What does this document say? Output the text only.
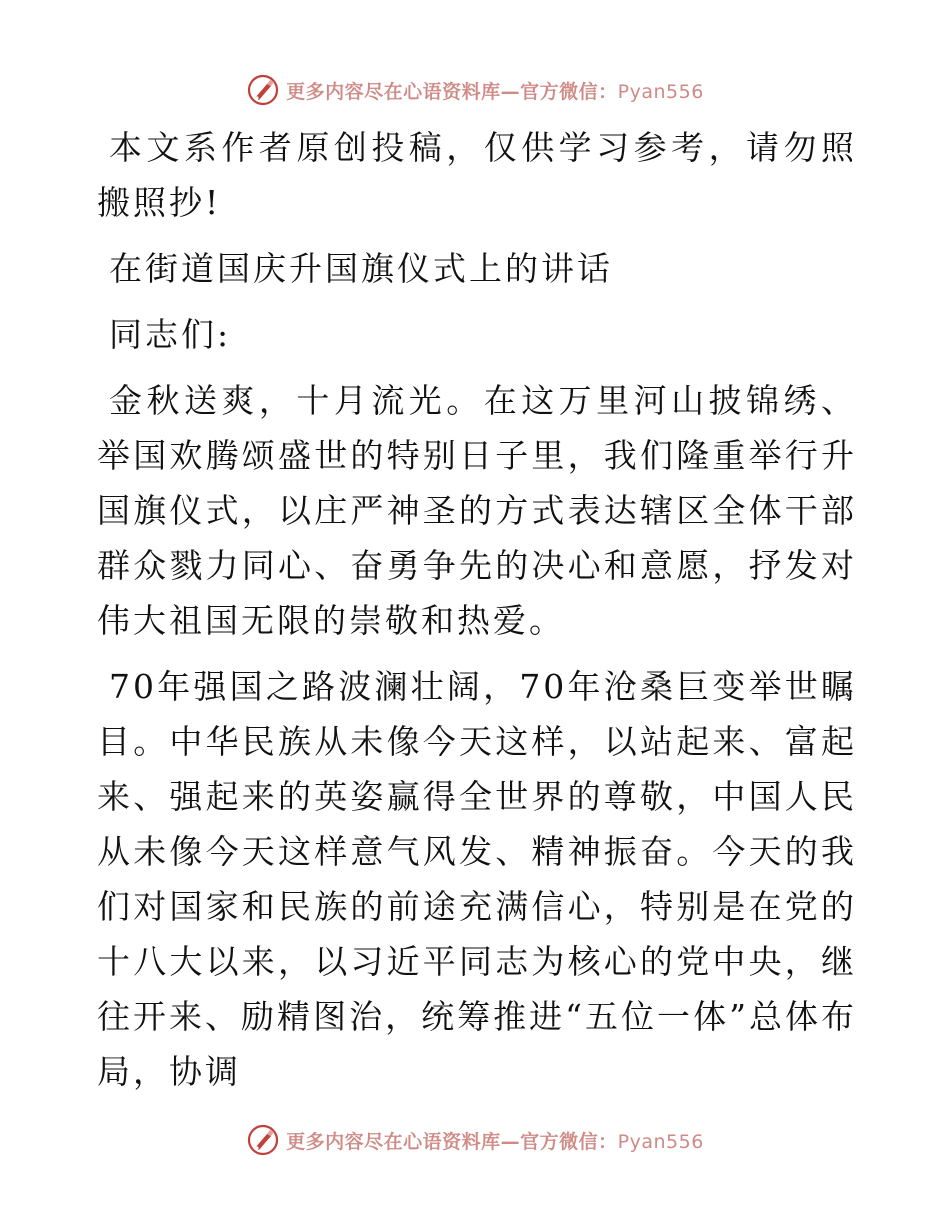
更多内容尽在心语资料库—官方微信：Pyan556

本文系作者原创投稿，仅供学习参考，请勿照搬照抄!

在街道国庆升国旗仪式上的讲话

同志们:

金秋送爽，十月流光。在这万里河山披锦绣、举国欢腾颂盛世的特别日子里，我们隆重举行升国旗仪式，以庄严神圣的方式表达辖区全体干部群众戮力同心、奋勇争先的决心和意愿，抒发对伟大祖国无限的崇敬和热爱。

70年强国之路波澜壮阔，70年沧桑巨变举世瞩目。中华民族从未像今天这样，以站起来、富起来、强起来的英姿赢得全世界的尊敬，中国人民从未像今天这样意气风发、精神振奋。今天的我们对国家和民族的前途充满信心，特别是在党的十八大以来，以习近平同志为核心的党中央，继往开来、励精图治，统筹推进“五位一体”总体布局，协调

更多内容尽在心语资料库—官方微信：Pyan556
